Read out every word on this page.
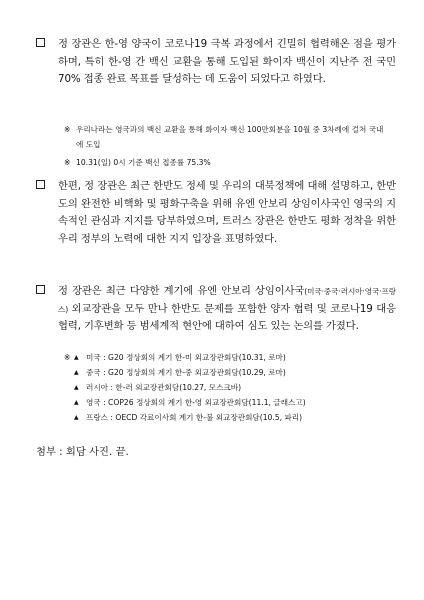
정 장관은 한-영 양국이 코로나19 극복 과정에서 긴밀히 협력해온 점을 평가하며, 특히 한-영 간 백신 교환을 통해 도입된 화이자 백신이 지난주 전 국민 70% 접종 완료 목표를 달성하는 데 도움이 되었다고 하였다.

※ 우리나라는 영국과의 백신 교환을 통해 화이자 백신 100만회분을 10월 중 3차례에 걸쳐 국내에 도입
※ 10.31(일) 0시 기준 백신 접종률 75.3%

한편, 정 장관은 최근 한반도 정세 및 우리의 대북정책에 대해 설명하고, 한반도의 완전한 비핵화 및 평화구축을 위해 유엔 안보리 상임이사국인 영국의 지속적인 관심과 지지를 당부하였으며, 트러스 장관은 한반도 평화 정착을 위한 우리 정부의 노력에 대한 지지 입장을 표명하였다.

정 장관은 최근 다양한 계기에 유엔 안보리 상임이사국(미국·중국·러시아·영국·프랑스) 외교장관을 모두 만나 한반도 문제를 포함한 양자 협력 및 코로나19 대응협력, 기후변화 등 범세계적 현안에 대하여 심도 있는 논의를 가졌다.

※ ▲ 미국 : G20 정상회의 계기 한-미 외교장관회담(10.31, 로마)
▲ 중국 : G20 정상회의 계기 한-중 외교장관회담(10.29, 로마)
▲ 러시아 : 한-러 외교장관회담(10.27, 모스크바)
▲ 영국 : COP26 정상회의 계기 한-영 외교장관회담(11.1, 글래스고)
▲ 프랑스 : OECD 각료이사회 계기 한-불 외교장관회담(10.5, 파리)
첨부 : 회담 사진. 끝.
